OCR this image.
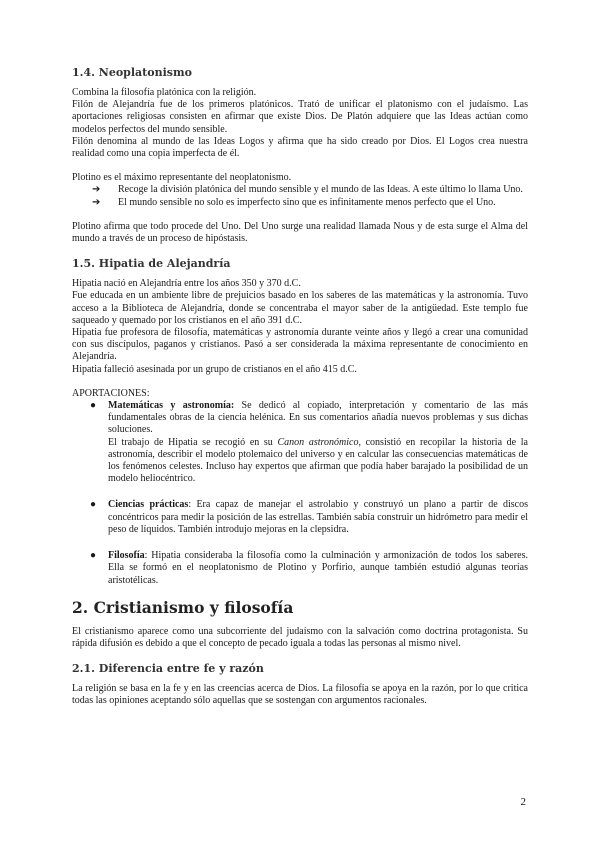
1.4. Neoplatonismo

Combina la filosofía platónica con la religión.

Filón de Alejandría fue de los primeros platónicos. Trató de unificar el platonismo con el judaísmo. Las aportaciones religiosas consisten en afirmar que existe Dios. De Platón adquiere que las Ideas actúan como modelos perfectos del mundo sensible.

Filón denomina al mundo de las Ideas Logos y afirma que ha sido creado por Dios. El Logos crea nuestra realidad como una copia imperfecta de él.

Plotino es el máximo representante del neoplatonismo.

➔ Recoge la división platónica del mundo sensible y el mundo de las Ideas. A este último lo llama Uno.
➔ El mundo sensible no solo es imperfecto sino que es infinitamente menos perfecto que el Uno.

Plotino afirma que todo procede del Uno. Del Uno surge una realidad llamada Nous y de esta surge el Alma del mundo a través de un proceso de hipóstasis.

1.5. Hipatia de Alejandría

Hipatia nació en Alejandría entre los años 350 y 370 d.C.

Fue educada en un ambiente libre de prejuicios basado en los saberes de las matemáticas y la astronomía. Tuvo acceso a la Biblioteca de Alejandría, donde se concentraba el mayor saber de la antigüedad. Este templo fue saqueado y quemado por los cristianos en el año 391 d.C.

Hipatia fue profesora de filosofía, matemáticas y astronomía durante veinte años y llegó a crear una comunidad con sus discípulos, paganos y cristianos. Pasó a ser considerada la máxima representante de conocimiento en Alejandría.

Hipatia falleció asesinada por un grupo de cristianos en el año 415 d.C.

APORTACIONES:

● Matemáticas y astronomía: Se dedicó al copiado, interpretación y comentario de las más fundamentales obras de la ciencia helénica. En sus comentarios añadía nuevos problemas y sus dichas soluciones.
El trabajo de Hipatia se recogió en su Canon astronómico, consistió en recopilar la historia de la astronomía, describir el modelo ptolemaico del universo y en calcular las consecuencias matemáticas de los fenómenos celestes. Incluso hay expertos que afirman que podía haber barajado la posibilidad de un modelo heliocéntrico.
● Ciencias prácticas: Era capaz de manejar el astrolabio y construyó un plano a partir de discos concéntricos para medir la posición de las estrellas. También sabía construir un hidrómetro para medir el peso de líquidos. También introdujo mejoras en la clepsidra.
● Filosofía: Hipatia consideraba la filosofía como la culminación y armonización de todos los saberes. Ella se formó en el neoplatonismo de Plotino y Porfirio, aunque también estudió algunas teorías aristotélicas.
2. Cristianismo y filosofía

El cristianismo aparece como una subcorriente del judaísmo con la salvación como doctrina protagonista. Su rápida difusión es debido a que el concepto de pecado iguala a todas las personas al mismo nivel.

2.1. Diferencia entre fe y razón

La religión se basa en la fe y en las creencias acerca de Dios. La filosofía se apoya en la razón, por lo que critica todas las opiniones aceptando sólo aquellas que se sostengan con argumentos racionales.

2
